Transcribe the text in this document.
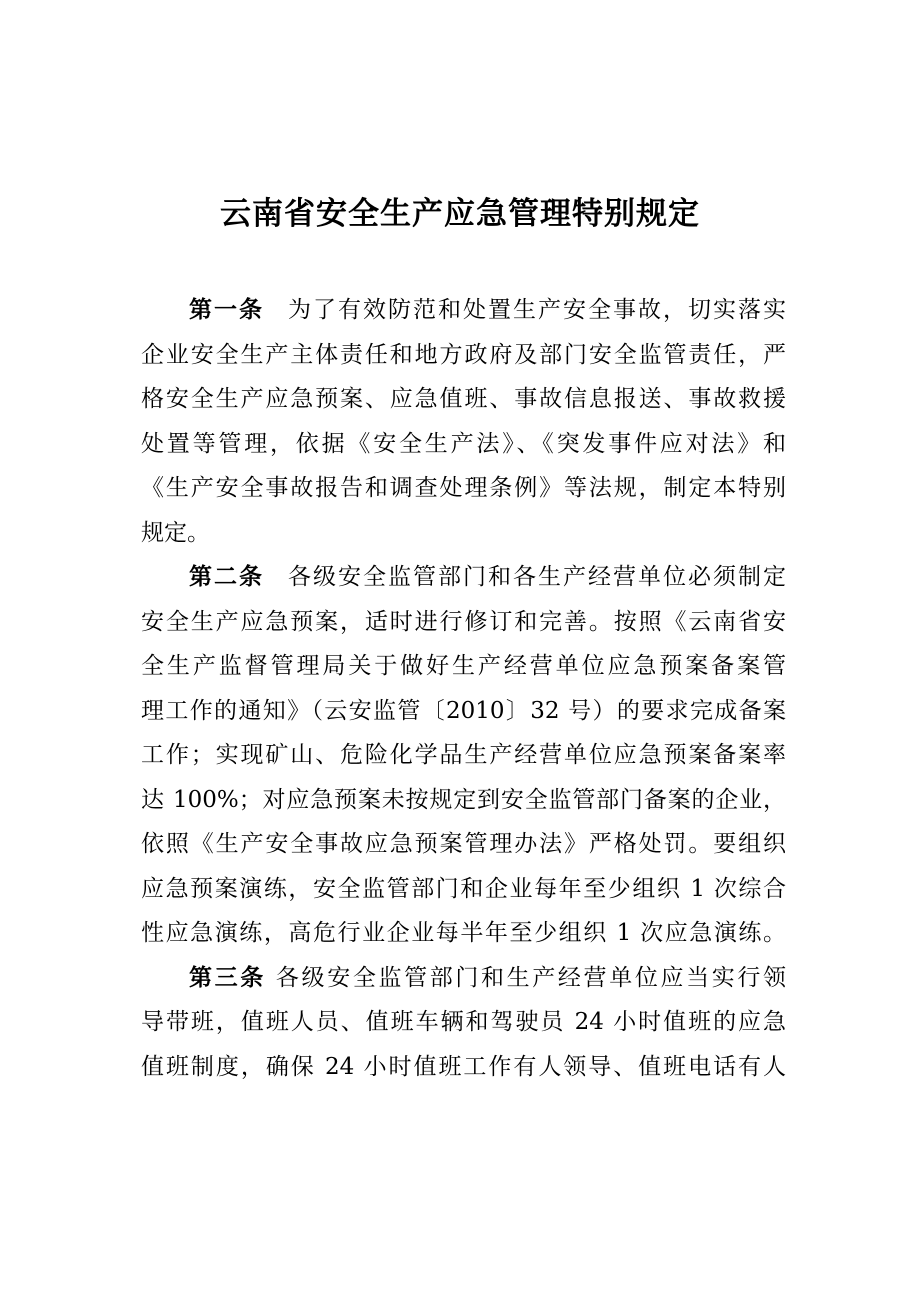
云南省安全生产应急管理特别规定
第一条 为了有效防范和处置生产安全事故，切实落实
企业安全生产主体责任和地方政府及部门安全监管责任，严
格安全生产应急预案、应急值班、事故信息报送、事故救援
处置等管理，依据《安全生产法》、《突发事件应对法》和
《生产安全事故报告和调查处理条例》等法规，制定本特别
规定。
第二条 各级安全监管部门和各生产经营单位必须制定
安全生产应急预案，适时进行修订和完善。按照《云南省安
全生产监督管理局关于做好生产经营单位应急预案备案管
理工作的通知》（云安监管〔2010〕32 号）的要求完成备案
工作；实现矿山、危险化学品生产经营单位应急预案备案率
达 100%；对应急预案未按规定到安全监管部门备案的企业，
依照《生产安全事故应急预案管理办法》严格处罚。要组织
应急预案演练，安全监管部门和企业每年至少组织 1 次综合
性应急演练，高危行业企业每半年至少组织 1 次应急演练。
第三条 各级安全监管部门和生产经营单位应当实行领
导带班，值班人员、值班车辆和驾驶员 24 小时值班的应急
值班制度，确保 24 小时值班工作有人领导、值班电话有人
